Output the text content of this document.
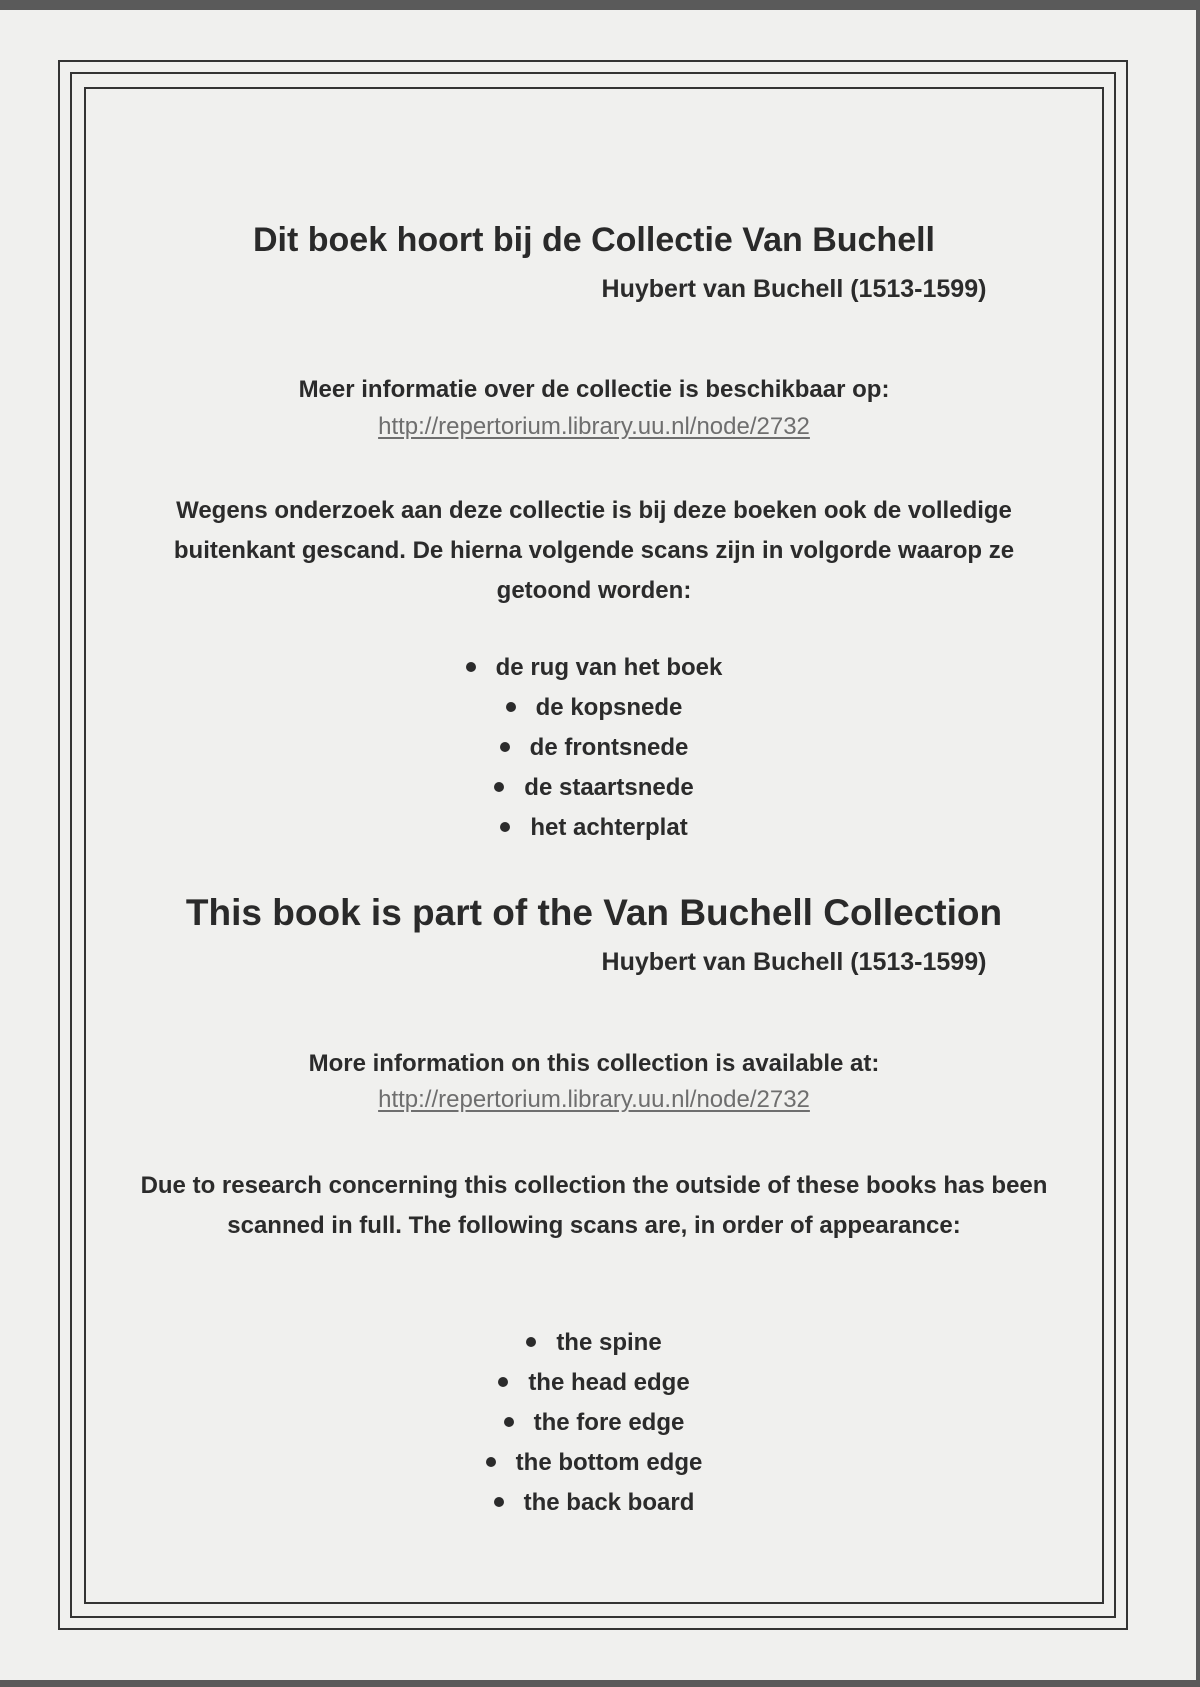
Dit boek hoort bij de Collectie Van Buchell
Huybert van Buchell (1513-1599)
Meer informatie over de collectie is beschikbaar op:
http://repertorium.library.uu.nl/node/2732
Wegens onderzoek aan deze collectie is bij deze boeken ook de volledige buitenkant gescand. De hierna volgende scans zijn in volgorde waarop ze getoond worden:
de rug van het boek
de kopsnede
de frontsnede
de staartsnede
het achterplat
This book is part of the Van Buchell Collection
Huybert van Buchell (1513-1599)
More information on this collection is available at:
http://repertorium.library.uu.nl/node/2732
Due to research concerning this collection the outside of these books has been scanned in full. The following scans are, in order of appearance:
the spine
the head edge
the fore edge
the bottom edge
the back board
